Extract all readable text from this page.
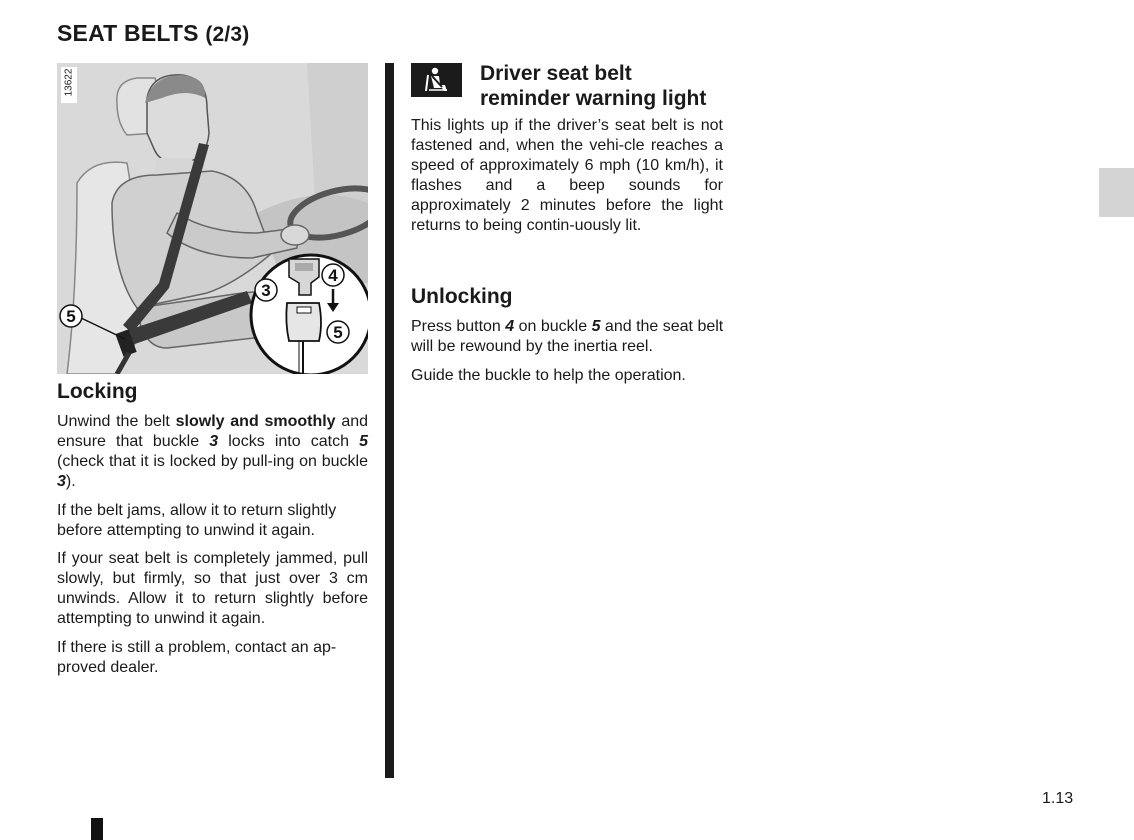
SEAT BELTS (2/3)
5
3
4
5
13622
Locking

Unwind the belt slowly and smoothly and ensure that buckle 3 locks into catch 5 (check that it is locked by pull-ing on buckle 3).

If the belt jams, allow it to return slightly before attempting to unwind it again.

If your seat belt is completely jammed, pull slowly, but firmly, so that just over 3 cm unwinds. Allow it to return slightly before attempting to unwind it again.

If there is still a problem, contact an ap-proved dealer.

Driver seat belt
reminder warning light

This lights up if the driver’s seat belt is not fastened and, when the vehi-cle reaches a speed of approximately 6 mph (10 km/h), it flashes and a beep sounds for approximately 2 minutes before the light returns to being contin-uously lit.

Unlocking

Press button 4 on buckle 5 and the seat belt will be rewound by the inertia reel.

Guide the buckle to help the operation.

1.13
